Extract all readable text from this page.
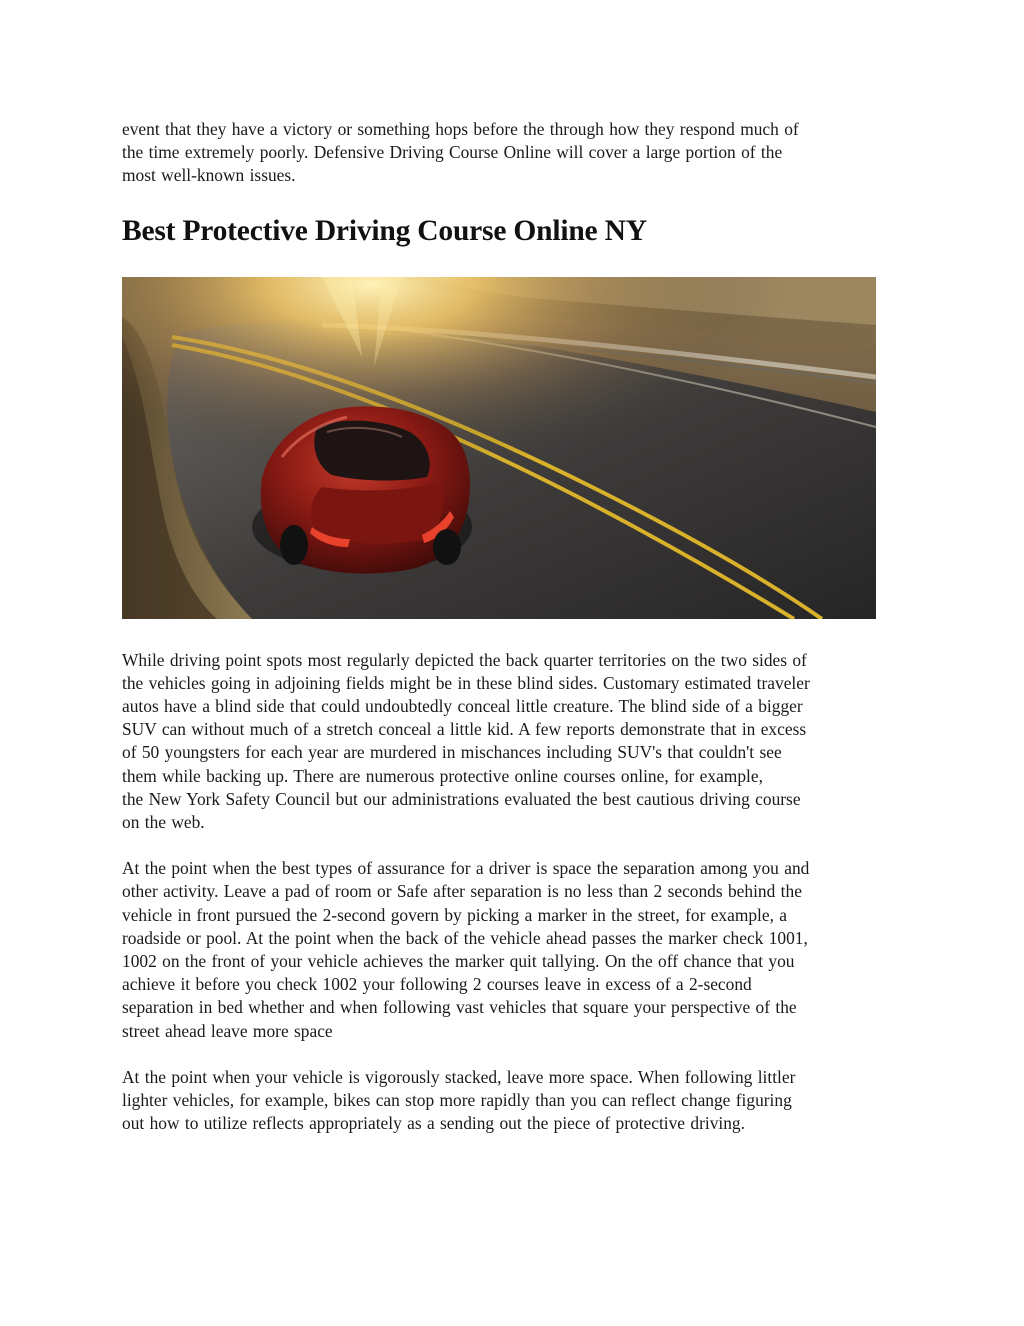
event that they have a victory or something hops before the through how they respond much of
the time extremely poorly. Defensive Driving Course Online will cover a large portion of the
most well-known issues.

Best Protective Driving Course Online NY

While driving point spots most regularly depicted the back quarter territories on the two sides of
the vehicles going in adjoining fields might be in these blind sides. Customary estimated traveler
autos have a blind side that could undoubtedly conceal little creature. The blind side of a bigger
SUV can without much of a stretch conceal a little kid. A few reports demonstrate that in excess
of 50 youngsters for each year are murdered in mischances including SUV's that couldn't see
them while backing up. There are numerous protective online courses online, for example,
the New York Safety Council but our administrations evaluated the best cautious driving course
on the web.

At the point when the best types of assurance for a driver is space the separation among you and
other activity. Leave a pad of room or Safe after separation is no less than 2 seconds behind the
vehicle in front pursued the 2-second govern by picking a marker in the street, for example, a
roadside or pool. At the point when the back of the vehicle ahead passes the marker check 1001,
1002 on the front of your vehicle achieves the marker quit tallying. On the off chance that you
achieve it before you check 1002 your following 2 courses leave in excess of a 2-second
separation in bed whether and when following vast vehicles that square your perspective of the
street ahead leave more space

At the point when your vehicle is vigorously stacked, leave more space. When following littler
lighter vehicles, for example, bikes can stop more rapidly than you can reflect change figuring
out how to utilize reflects appropriately as a sending out the piece of protective driving.
